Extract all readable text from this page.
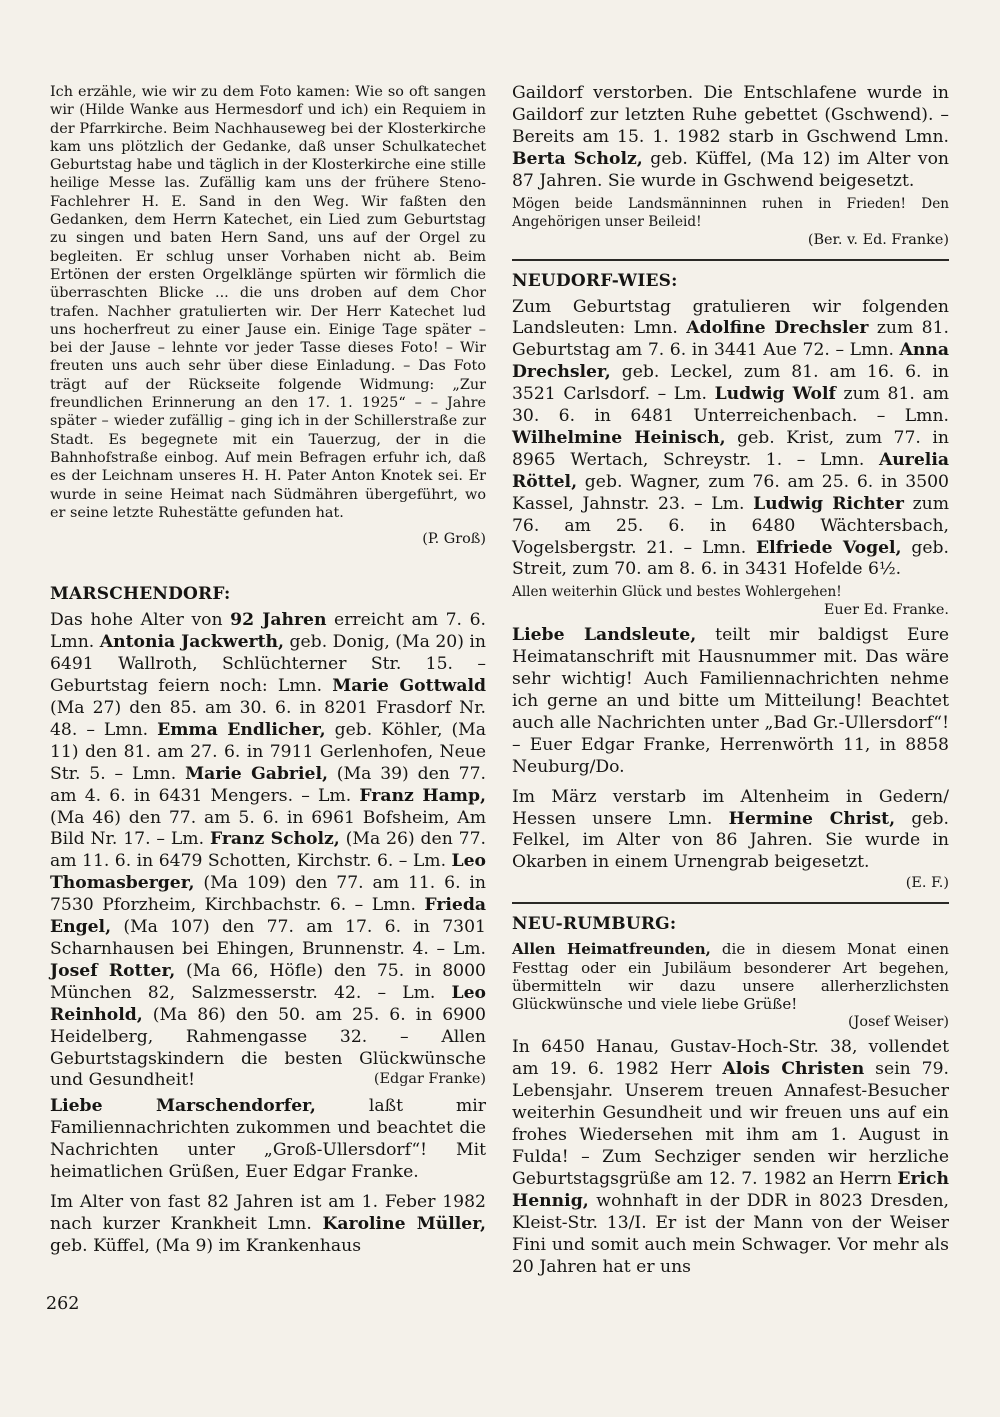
Ich erzähle, wie wir zu dem Foto kamen: Wie so oft sangen wir (Hilde Wanke aus Hermesdorf und ich) ein Requiem in der Pfarrkirche. Beim Nachhauseweg bei der Klosterkirche kam uns plötzlich der Gedanke, daß unser Schulkatechet Geburtstag habe und täglich in der Klosterkirche eine stille heilige Messe las. Zufällig kam uns der frühere Steno-Fachlehrer H. E. Sand in den Weg. Wir faßten den Gedanken, dem Herrn Katechet, ein Lied zum Geburtstag zu singen und baten Hern Sand, uns auf der Orgel zu begleiten. Er schlug unser Vorhaben nicht ab. Beim Ertönen der ersten Orgelklänge spürten wir förmlich die überraschten Blicke ... die uns droben auf dem Chor trafen. Nachher gratulierten wir. Der Herr Katechet lud uns hocherfreut zu einer Jause ein. Einige Tage später – bei der Jause – lehnte vor jeder Tasse dieses Foto! – Wir freuten uns auch sehr über diese Einladung. – Das Foto trägt auf der Rückseite folgende Widmung: „Zur freundlichen Erinnerung an den 17. 1. 1925“ – – Jahre später – wieder zufällig – ging ich in der Schillerstraße zur Stadt. Es begegnete mit ein Tauerzug, der in die Bahnhofstraße einbog. Auf mein Befragen erfuhr ich, daß es der Leichnam unseres H. H. Pater Anton Knotek sei. Er wurde in seine Heimat nach Südmähren übergeführt, wo er seine letzte Ruhestätte gefunden hat.

(P. Groß)

MARSCHENDORF:

Das hohe Alter von 92 Jahren erreicht am 7. 6. Lmn. Antonia Jackwerth, geb. Donig, (Ma 20) in 6491 Wallroth, Schlüchterner Str. 15. – Geburtstag feiern noch: Lmn. Marie Gottwald (Ma 27) den 85. am 30. 6. in 8201 Frasdorf Nr. 48. – Lmn. Emma Endlicher, geb. Köhler, (Ma 11) den 81. am 27. 6. in 7911 Gerlenhofen, Neue Str. 5. – Lmn. Marie Gabriel, (Ma 39) den 77. am 4. 6. in 6431 Mengers. – Lm. Franz Hamp, (Ma 46) den 77. am 5. 6. in 6961 Bofsheim, Am Bild Nr. 17. – Lm. Franz Scholz, (Ma 26) den 77. am 11. 6. in 6479 Schotten, Kirchstr. 6. – Lm. Leo Thomasberger, (Ma 109) den 77. am 11. 6. in 7530 Pforzheim, Kirchbachstr. 6. – Lmn. Frieda Engel, (Ma 107) den 77. am 17. 6. in 7301 Scharnhausen bei Ehingen, Brunnenstr. 4. – Lm. Josef Rotter, (Ma 66, Höfle) den 75. in 8000 München 82, Salzmesserstr. 42. – Lm. Leo Reinhold, (Ma 86) den 50. am 25. 6. in 6900 Heidelberg, Rahmengasse 32. – Allen Geburtstagskindern die besten Glückwünsche und Gesundheit!	(Edgar Franke)

Liebe Marschendorfer, laßt mir Familiennachrichten zukommen und beachtet die Nachrichten unter „Groß-Ullersdorf“! Mit heimatlichen Grüßen, Euer Edgar Franke.

Im Alter von fast 82 Jahren ist am 1. Feber 1982 nach kurzer Krankheit Lmn. Karoline Müller, geb. Küffel, (Ma 9) im Krankenhaus

Gaildorf verstorben. Die Entschlafene wurde in Gaildorf zur letzten Ruhe gebettet (Gschwend). – Bereits am 15. 1. 1982 starb in Gschwend Lmn. Berta Scholz, geb. Küffel, (Ma 12) im Alter von 87 Jahren. Sie wurde in Gschwend beigesetzt.

Mögen beide Landsmänninnen ruhen in Frieden! Den Angehörigen unser Beileid!

(Ber. v. Ed. Franke)

NEUDORF-WIES:

Zum Geburtstag gratulieren wir folgenden Landsleuten: Lmn. Adolfine Drechsler zum 81. Geburtstag am 7. 6. in 3441 Aue 72. – Lmn. Anna Drechsler, geb. Leckel, zum 81. am 16. 6. in 3521 Carlsdorf. – Lm. Ludwig Wolf zum 81. am 30. 6. in 6481 Unterreichenbach. – Lmn. Wilhelmine Heinisch, geb. Krist, zum 77. in 8965 Wertach, Schreystr. 1. – Lmn. Aurelia Röttel, geb. Wagner, zum 76. am 25. 6. in 3500 Kassel, Jahnstr. 23. – Lm. Ludwig Richter zum 76. am 25. 6. in 6480 Wächtersbach, Vogelsbergstr. 21. – Lmn. Elfriede Vogel, geb. Streit, zum 70. am 8. 6. in 3431 Hofelde 6½.

Allen weiterhin Glück und bestes Wohlergehen!

Euer Ed. Franke.

Liebe Landsleute, teilt mir baldigst Eure Heimatanschrift mit Hausnummer mit. Das wäre sehr wichtig! Auch Familiennachrichten nehme ich gerne an und bitte um Mitteilung! Beachtet auch alle Nachrichten unter „Bad Gr.-Ullersdorf“! – Euer Edgar Franke, Herrenwörth 11, in 8858 Neuburg/Do.

Im März verstarb im Altenheim in Gedern/ Hessen unsere Lmn. Hermine Christ, geb. Felkel, im Alter von 86 Jahren. Sie wurde in Okarben in einem Urnengrab beigesetzt.

(E. F.)

NEU-RUMBURG:

Allen Heimatfreunden, die in diesem Monat einen Festtag oder ein Jubiläum besonderer Art begehen, übermitteln wir dazu unsere allerherzlichsten Glückwünsche und viele liebe Grüße!

(Josef Weiser)

In 6450 Hanau, Gustav-Hoch-Str. 38, vollendet am 19. 6. 1982 Herr Alois Christen sein 79. Lebensjahr. Unserem treuen Annafest-Besucher weiterhin Gesundheit und wir freuen uns auf ein frohes Wiedersehen mit ihm am 1. August in Fulda! – Zum Sechziger senden wir herzliche Geburtstagsgrüße am 12. 7. 1982 an Herrn Erich Hennig, wohnhaft in der DDR in 8023 Dresden, Kleist-Str. 13/I. Er ist der Mann von der Weiser Fini und somit auch mein Schwager. Vor mehr als 20 Jahren hat er uns

262
